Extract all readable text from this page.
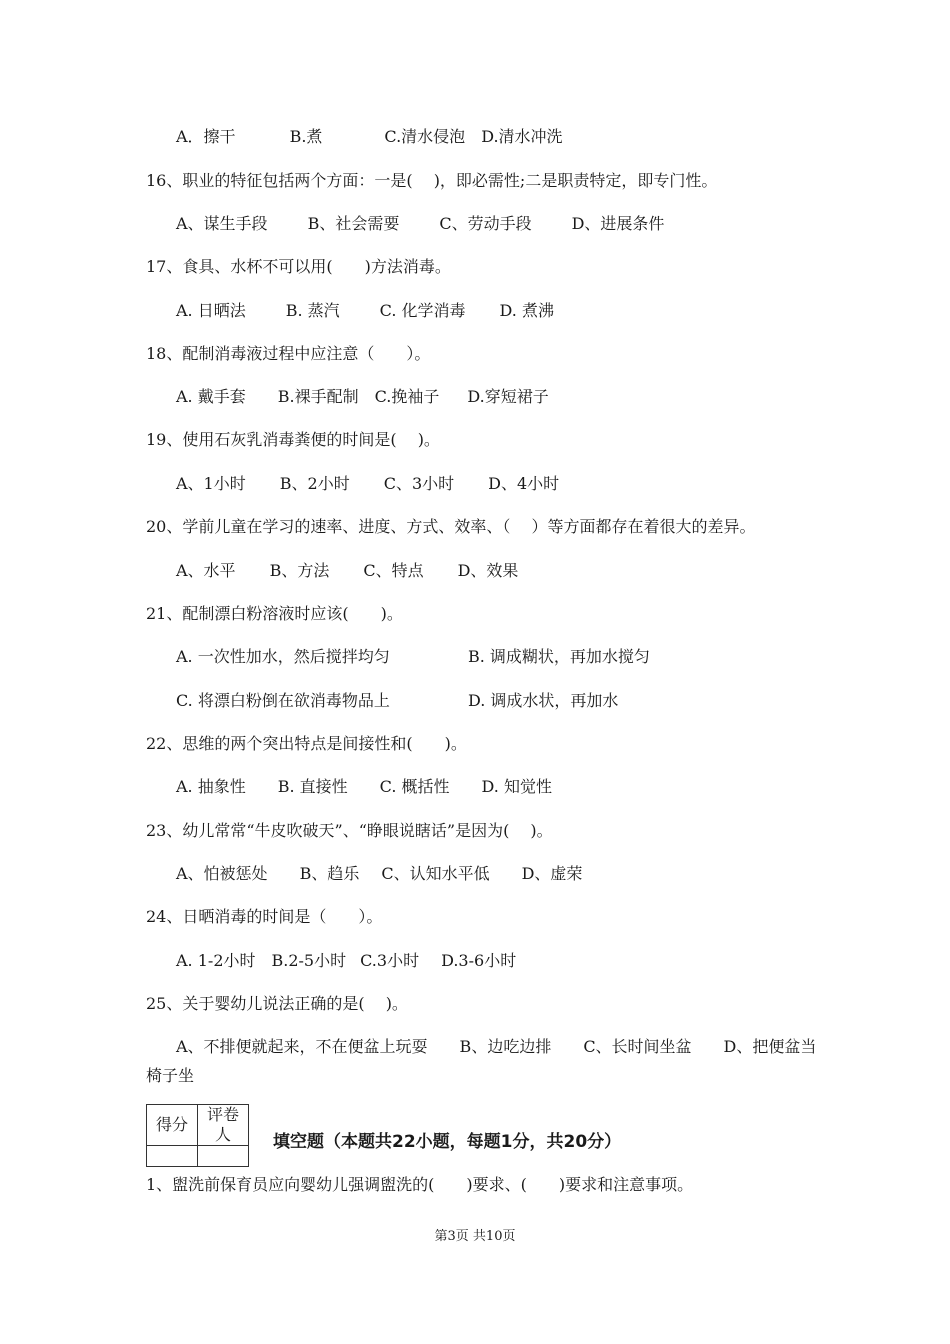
A．擦干	B.煮	C.清水侵泡 D.清水冲洗
16、职业的特征包括两个方面：一是(　 )，即必需性;二是职责特定，即专门性。
A、谋生手段	B、社会需要	C、劳动手段	D、进展条件
17、食具、水杯不可以用(　　)方法消毒。
A. 日晒法	B. 蒸汽	C. 化学消毒 D. 煮沸
18、配制消毒液过程中应注意（　　）。
A. 戴手套 B.裸手配制 C.挽袖子 D.穿短裙子
19、使用石灰乳消毒粪便的时间是(　 )。
A、1小时 B、2小时 C、3小时 D、4小时
20、学前儿童在学习的速率、进度、方式、效率、（　 ）等方面都存在着很大的差异。
A、水平 B、方法 C、特点 D、效果
21、配制漂白粉溶液时应该(　　)。
A. 一次性加水，然后搅拌均匀	B. 调成糊状，再加水搅匀
C. 将漂白粉倒在欲消毒物品上	D. 调成水状，再加水
22、思维的两个突出特点是间接性和(　　)。
A. 抽象性 B. 直接性 C. 概括性 D. 知觉性
23、幼儿常常“牛皮吹破天”、“睁眼说瞎话”是因为(　 )。
A、怕被惩处 B、趋乐 C、认知水平低 D、虚荣
24、日晒消毒的时间是（　　）。
A. 1-2小时 B.2-5小时 C.3小时 D.3-6小时
25、关于婴幼儿说法正确的是(　 )。
A、不排便就起来，不在便盆上玩耍　　B、边吃边排　　C、长时间坐盆　　D、把便盆当
椅子坐
得分	评卷人
	填空题（本题共22小题，每题1分，共20分）
1、盥洗前保育员应向婴幼儿强调盥洗的(　　)要求、(　　)要求和注意事项。
第3页 共10页
